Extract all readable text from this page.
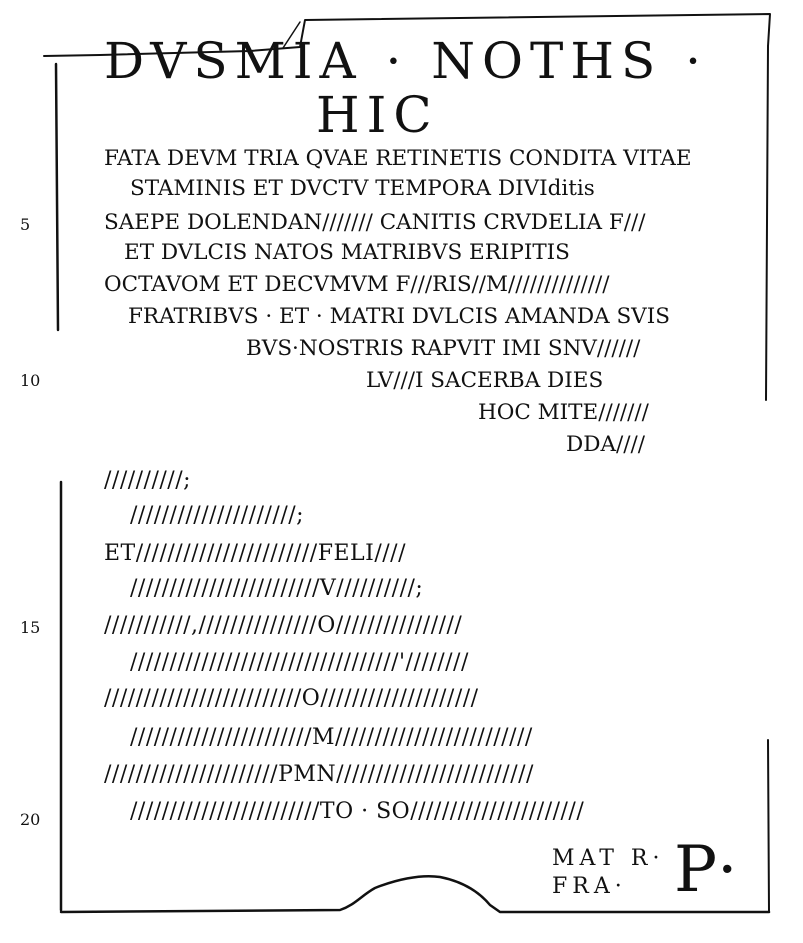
DVSMIA · NOTHS ·
HIC
FATA DEVM TRIA QVAE RETINETIS CONDITA VITAE
STAMINIS ET DVCTV TEMPORA DIVIditis
SAEPE DOLENDAN/////// CANITIS CRVDELIA F///
ET DVLCIS NATOS MATRIBVS ERIPITIS
OCTAVOM ET DECVMVM F///RIS//M//////////////
FRATRIBVS · ET · MATRI DVLCIS AMANDA SVIS
BVS·NOSTRIS RAPVIT IMI SNV//////
LV///I SACERBA DIES
HOC MITE///////
DDA////
//////////;
/////////////////////;
ET///////////////////////FELI////
////////////////////////V//////////;
///////////,///////////////O////////////////
//////////////////////////////////'////////
/////////////////////////O////////////////////
///////////////////////M/////////////////////////
//////////////////////PMN/////////////////////////
////////////////////////TO · SO//////////////////////
5
10
15
20
MAT R·
FRA· P·
